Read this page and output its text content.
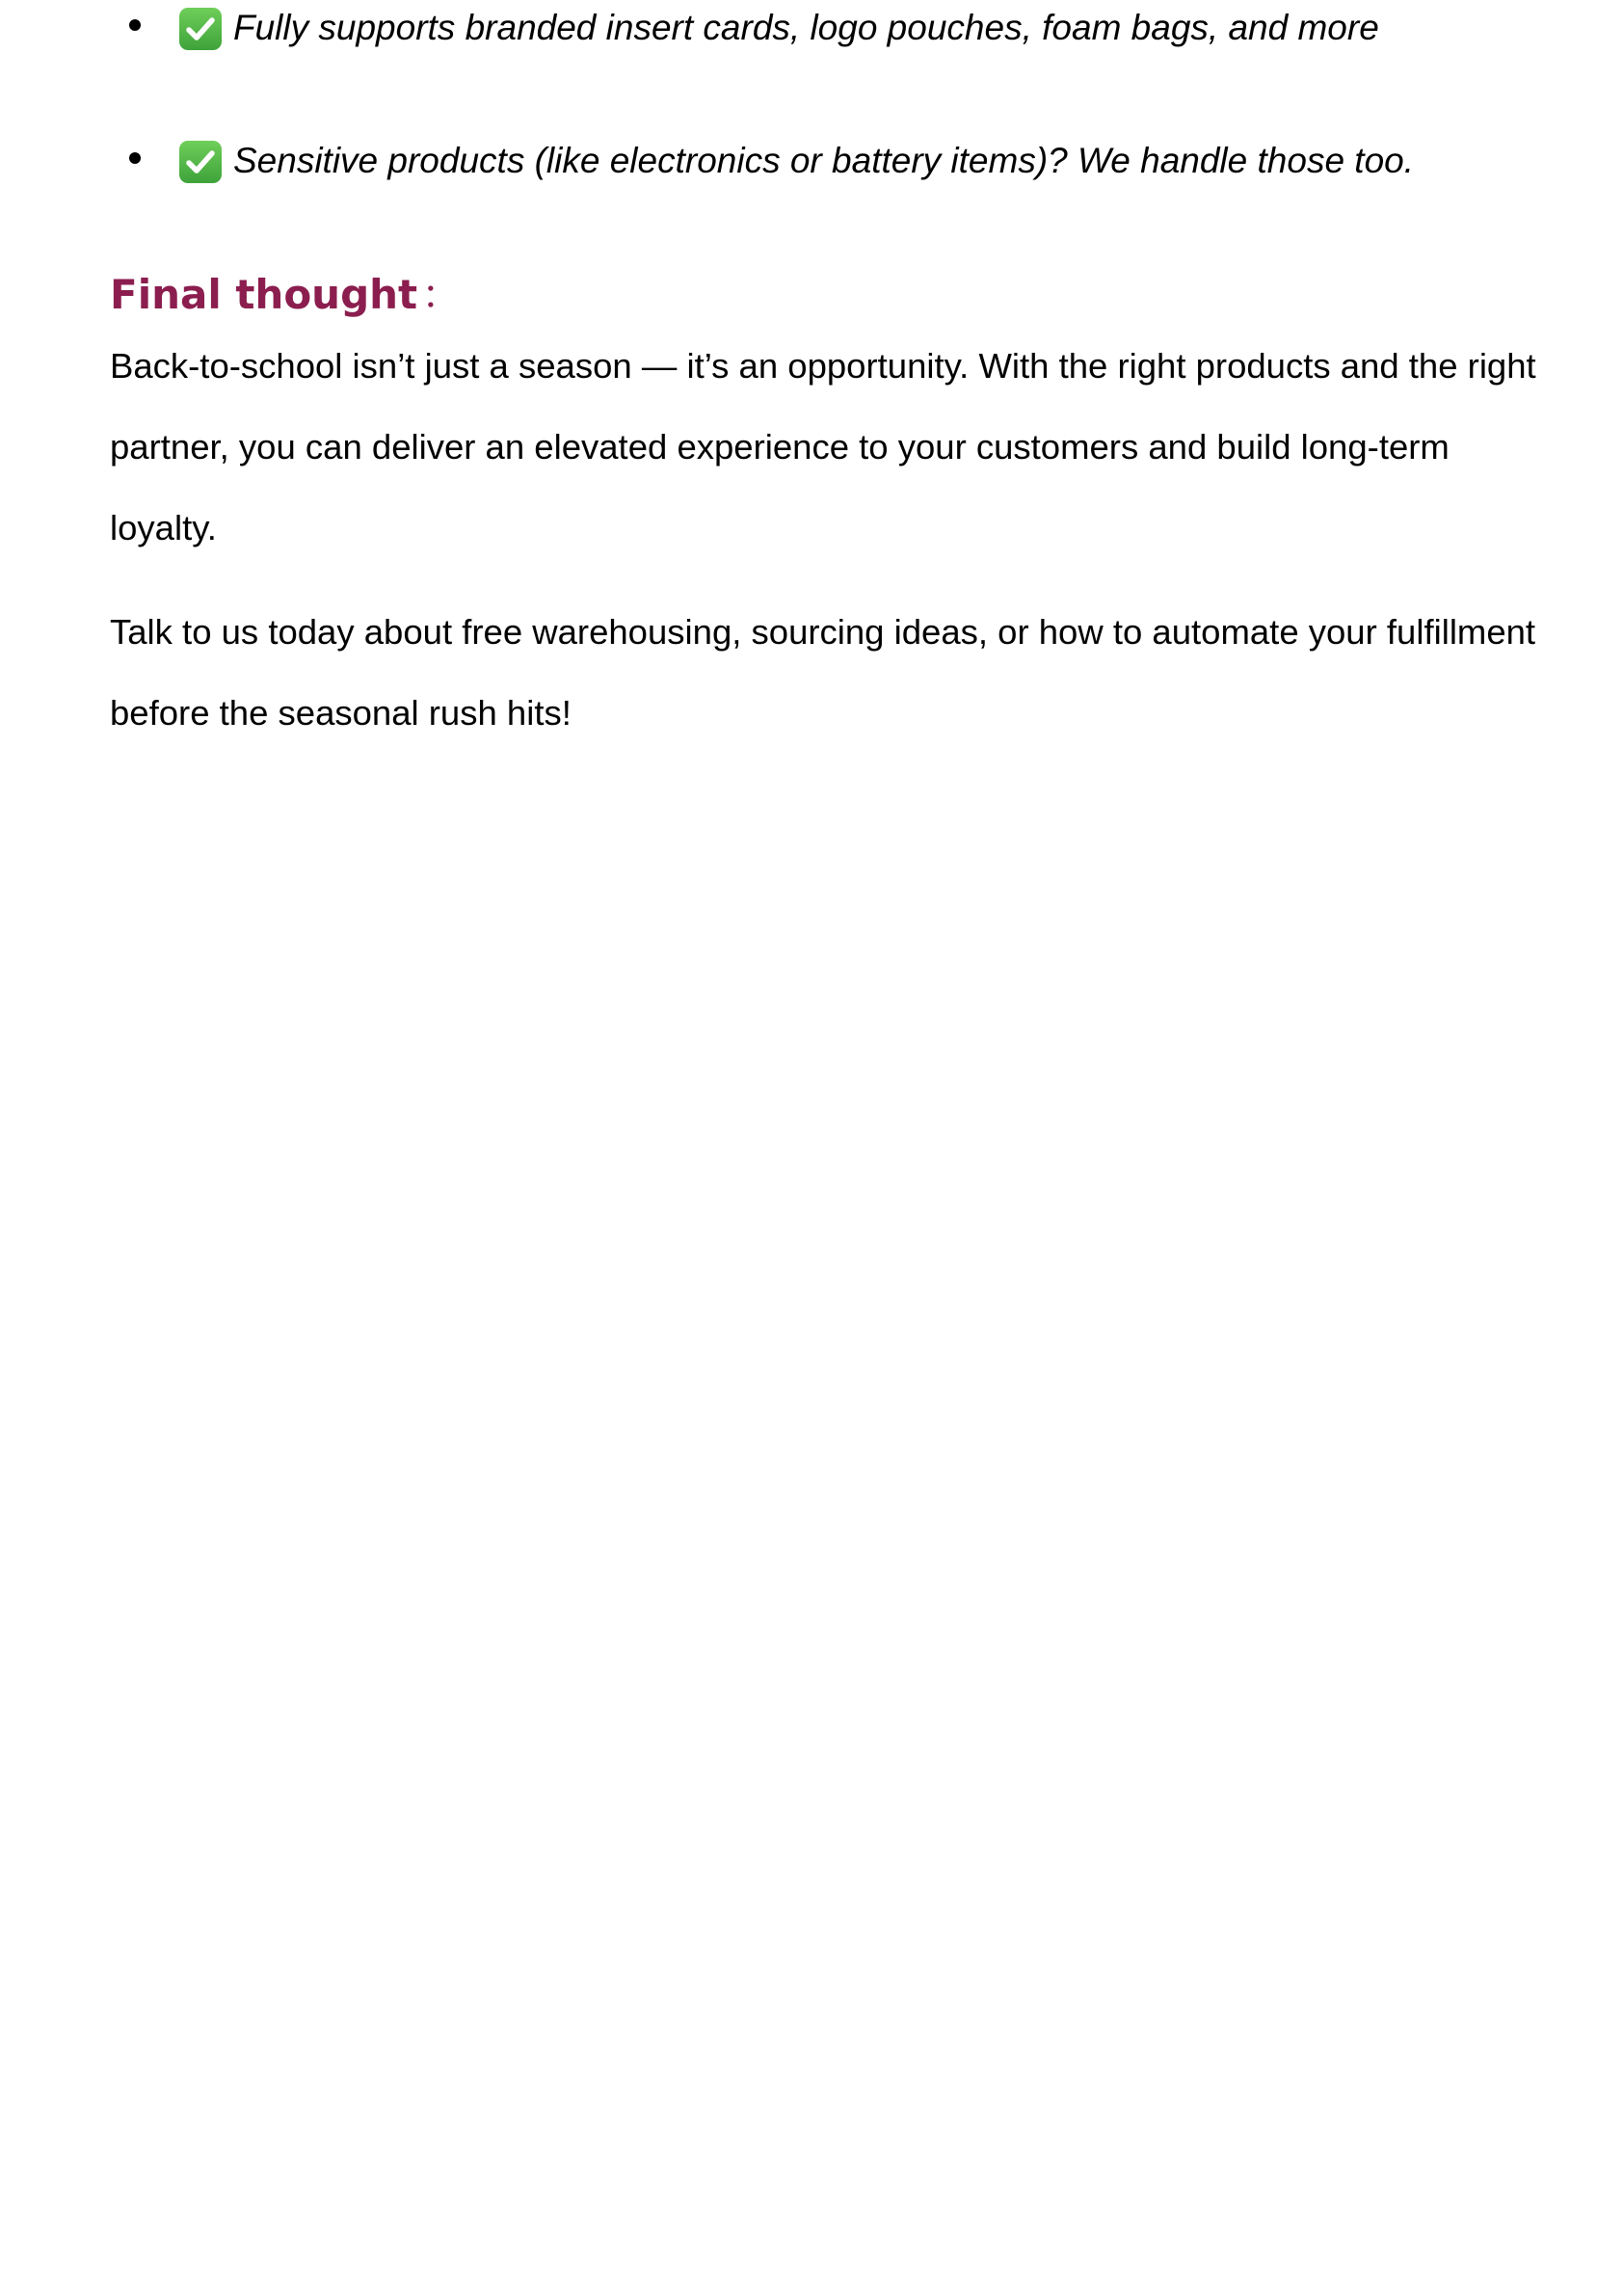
Fully supports branded insert cards, logo pouches, foam bags, and more
Sensitive products (like electronics or battery items)? We handle those too.
Final thought：

Back-to-school isn’t just a season — it’s an opportunity. With the right products and the right partner, you can deliver an elevated experience to your customers and build long-term loyalty.

Talk to us today about free warehousing, sourcing ideas, or how to automate your fulfillment before the seasonal rush hits!
